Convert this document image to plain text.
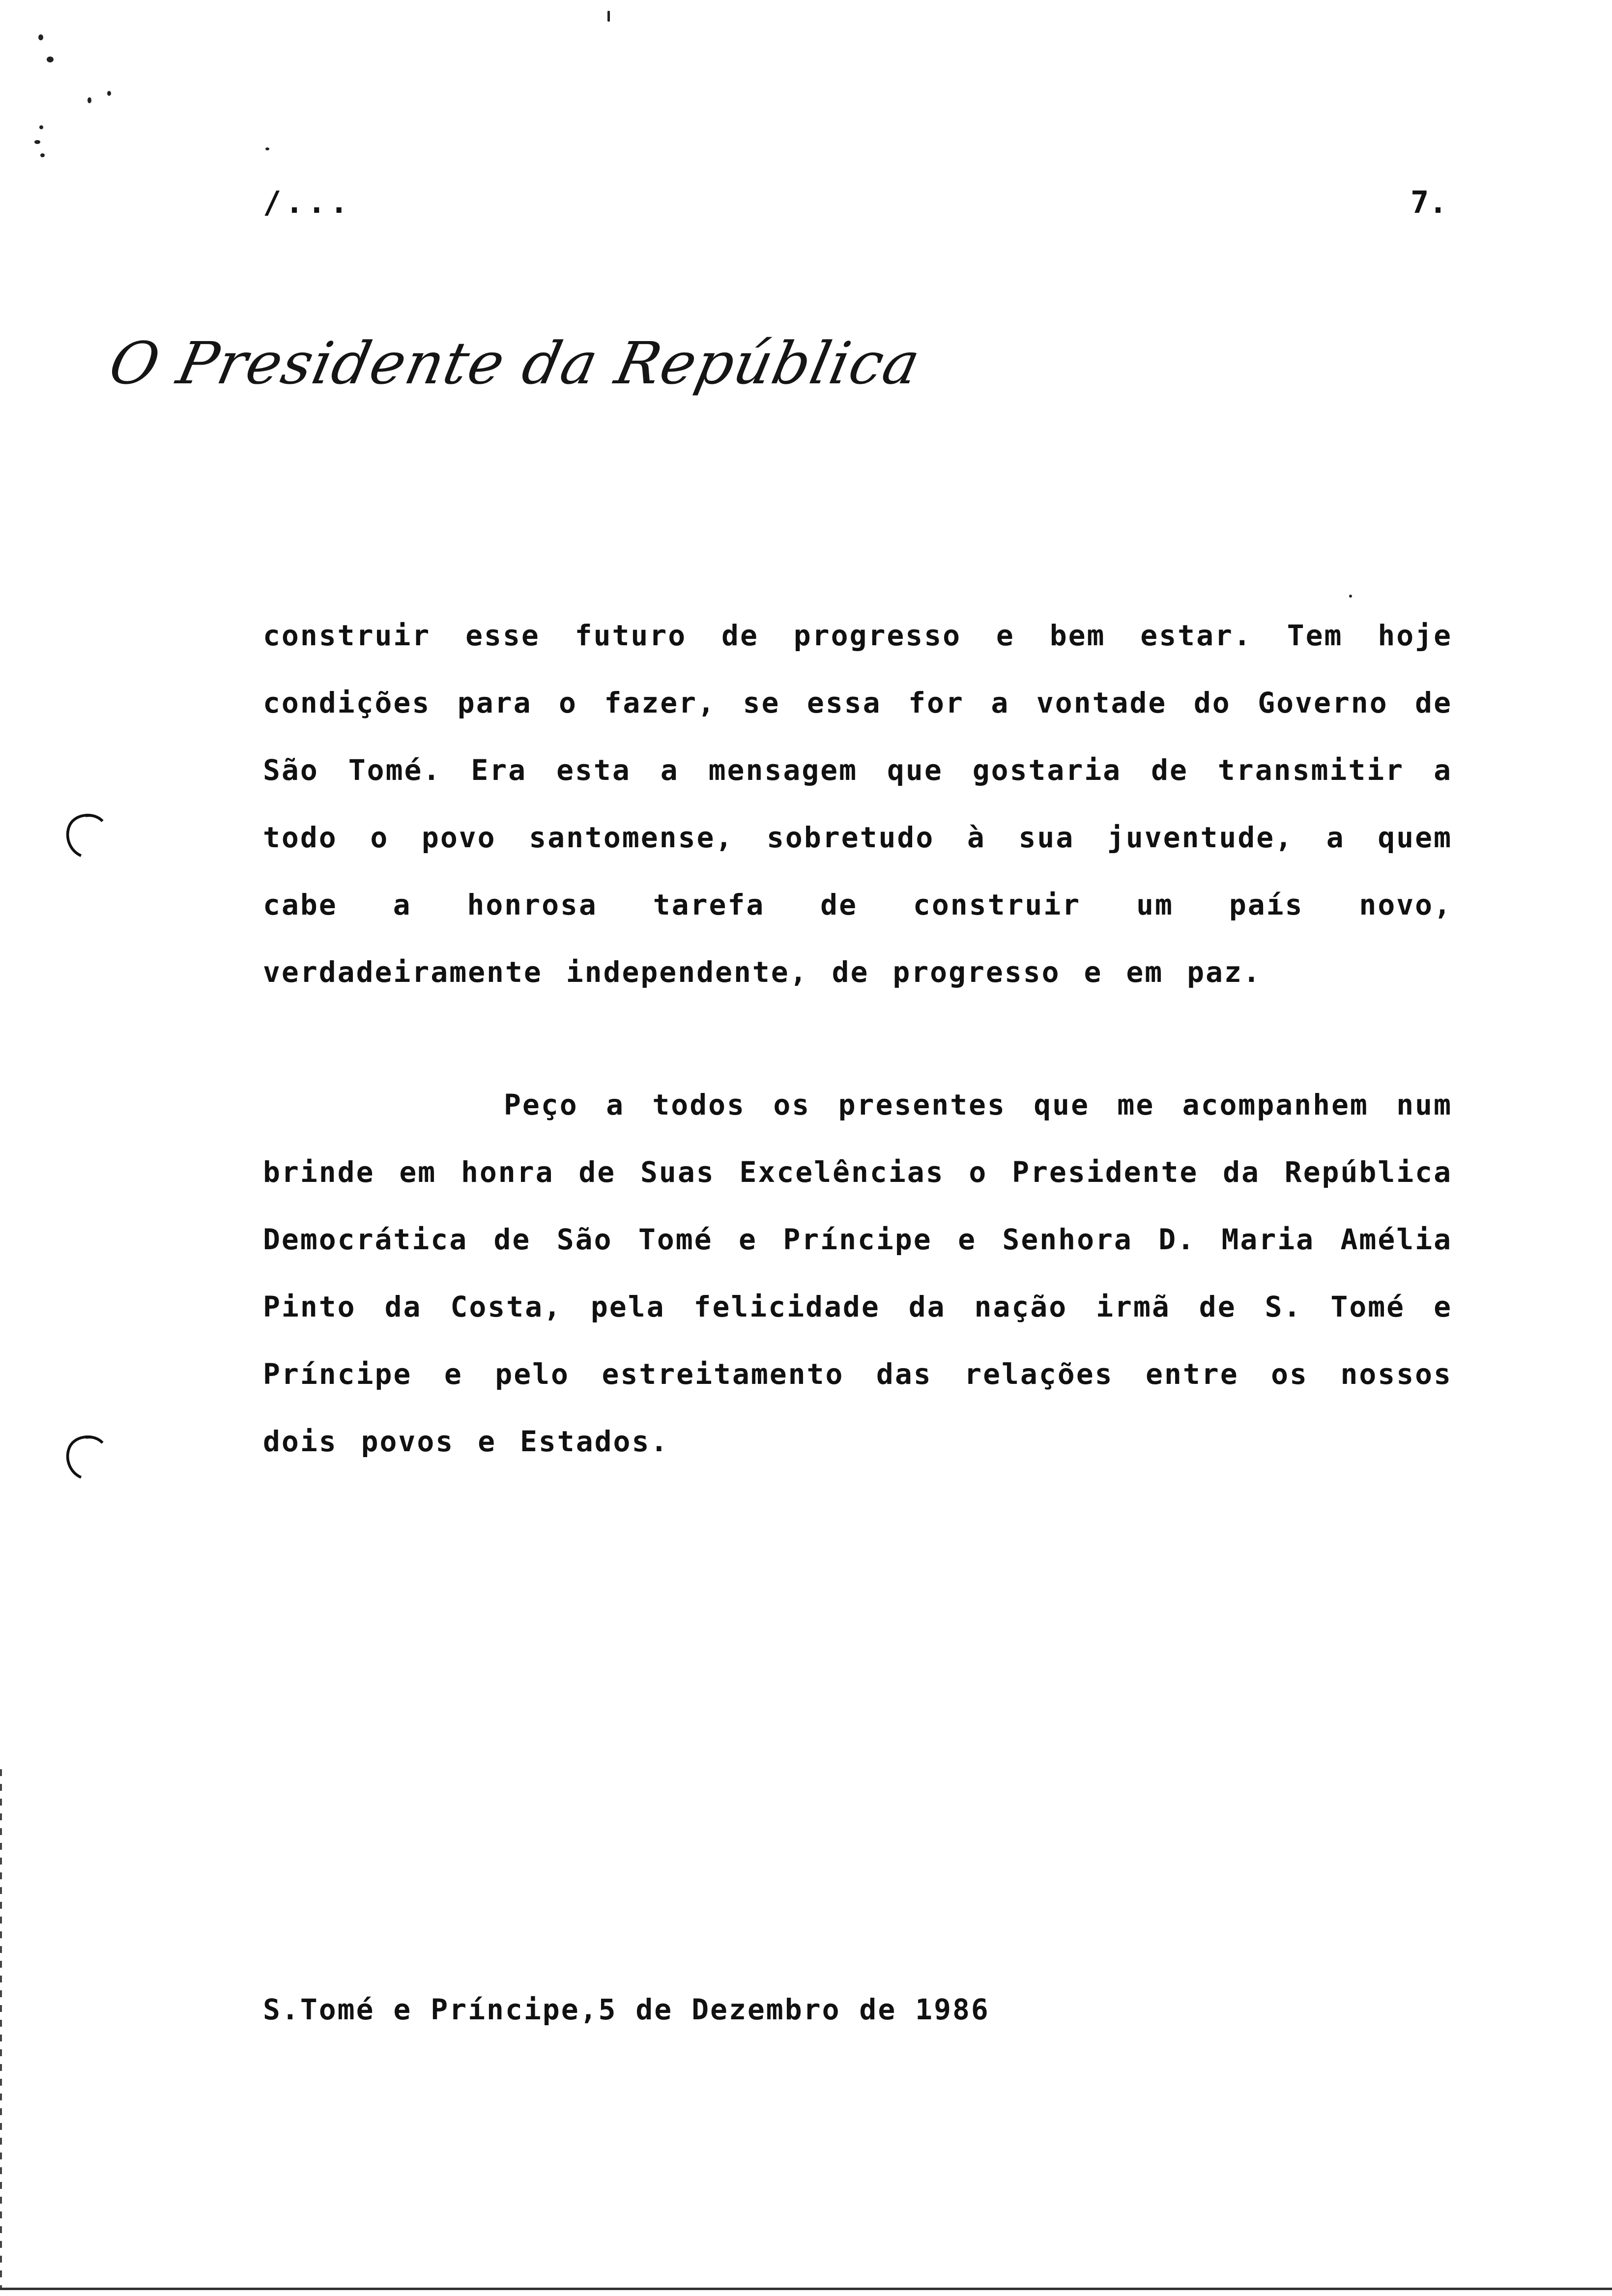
/...	7.
O Presidente da República

construir esse futuro de progresso e bem estar. Tem hoje condições para o fazer, se essa for a vontade do Governo de São Tomé. Era esta a mensagem que gostaria de transmitir a todo o povo santomense, sobretudo à sua juventude, a quem cabe a honrosa tarefa de construir um país novo, verdadeiramente independente, de progresso e em paz.

Peço a todos os presentes que me acompanhem num brinde em honra de Suas Excelências o Presidente da República Democrática de São Tomé e Príncipe e Senhora D. Maria Amélia Pinto da Costa, pela felicidade da nação irmã de S. Tomé e Príncipe e pelo estreitamento das relações entre os nossos dois povos e Estados.

S.Tomé e Príncipe,5 de Dezembro de 1986
